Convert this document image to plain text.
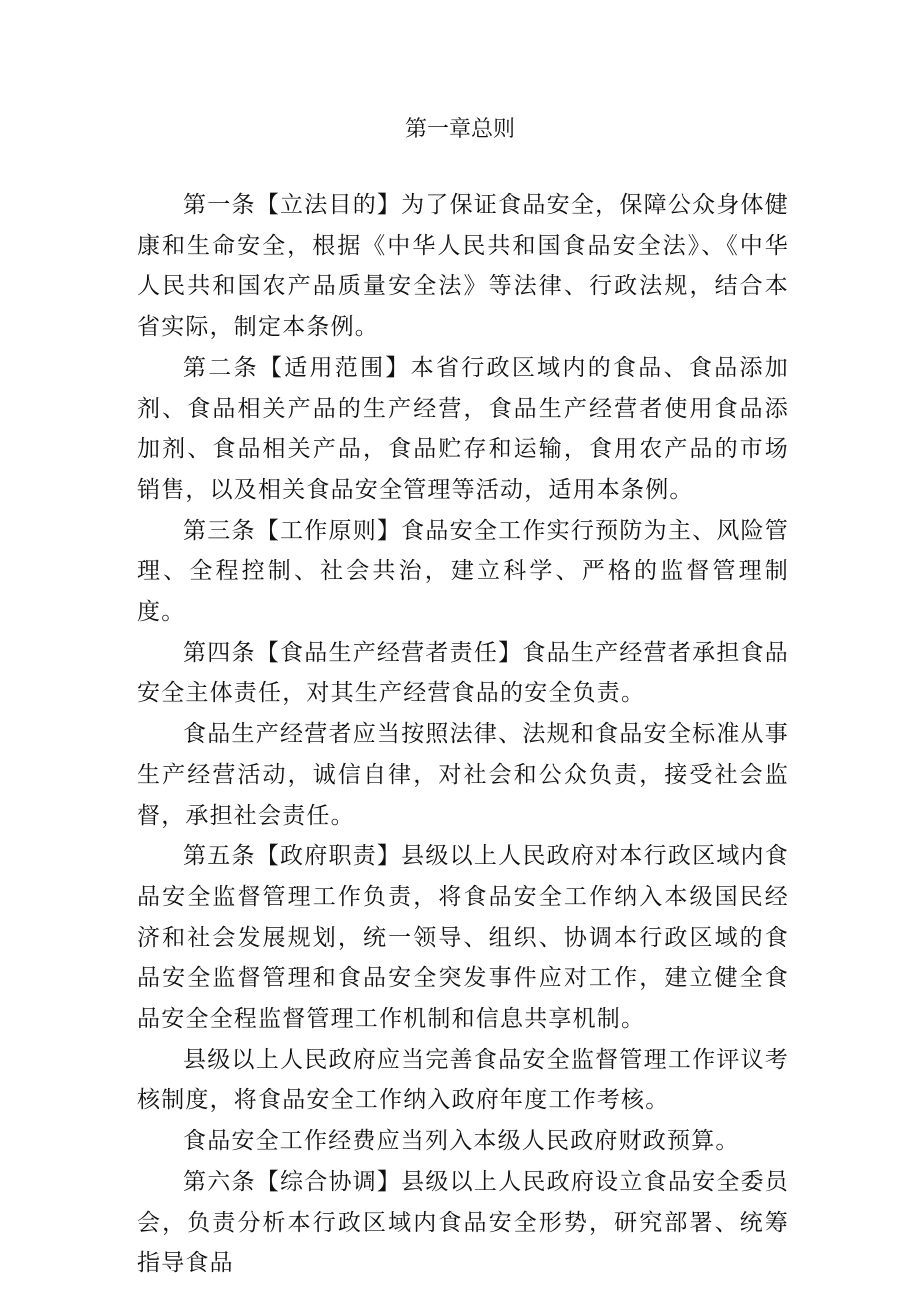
第一章总则

第一条【立法目的】为了保证食品安全，保障公众身体健康和生命安全，根据《中华人民共和国食品安全法》、《中华人民共和国农产品质量安全法》等法律、行政法规，结合本省实际，制定本条例。

第二条【适用范围】本省行政区域内的食品、食品添加剂、食品相关产品的生产经营，食品生产经营者使用食品添加剂、食品相关产品，食品贮存和运输，食用农产品的市场销售，以及相关食品安全管理等活动，适用本条例。

第三条【工作原则】食品安全工作实行预防为主、风险管理、全程控制、社会共治，建立科学、严格的监督管理制度。

第四条【食品生产经营者责任】食品生产经营者承担食品安全主体责任，对其生产经营食品的安全负责。

食品生产经营者应当按照法律、法规和食品安全标准从事生产经营活动，诚信自律，对社会和公众负责，接受社会监督，承担社会责任。

第五条【政府职责】县级以上人民政府对本行政区域内食品安全监督管理工作负责，将食品安全工作纳入本级国民经济和社会发展规划，统一领导、组织、协调本行政区域的食品安全监督管理和食品安全突发事件应对工作，建立健全食品安全全程监督管理工作机制和信息共享机制。

县级以上人民政府应当完善食品安全监督管理工作评议考核制度，将食品安全工作纳入政府年度工作考核。

食品安全工作经费应当列入本级人民政府财政预算。

第六条【综合协调】县级以上人民政府设立食品安全委员会，负责分析本行政区域内食品安全形势，研究部署、统筹指导食品
